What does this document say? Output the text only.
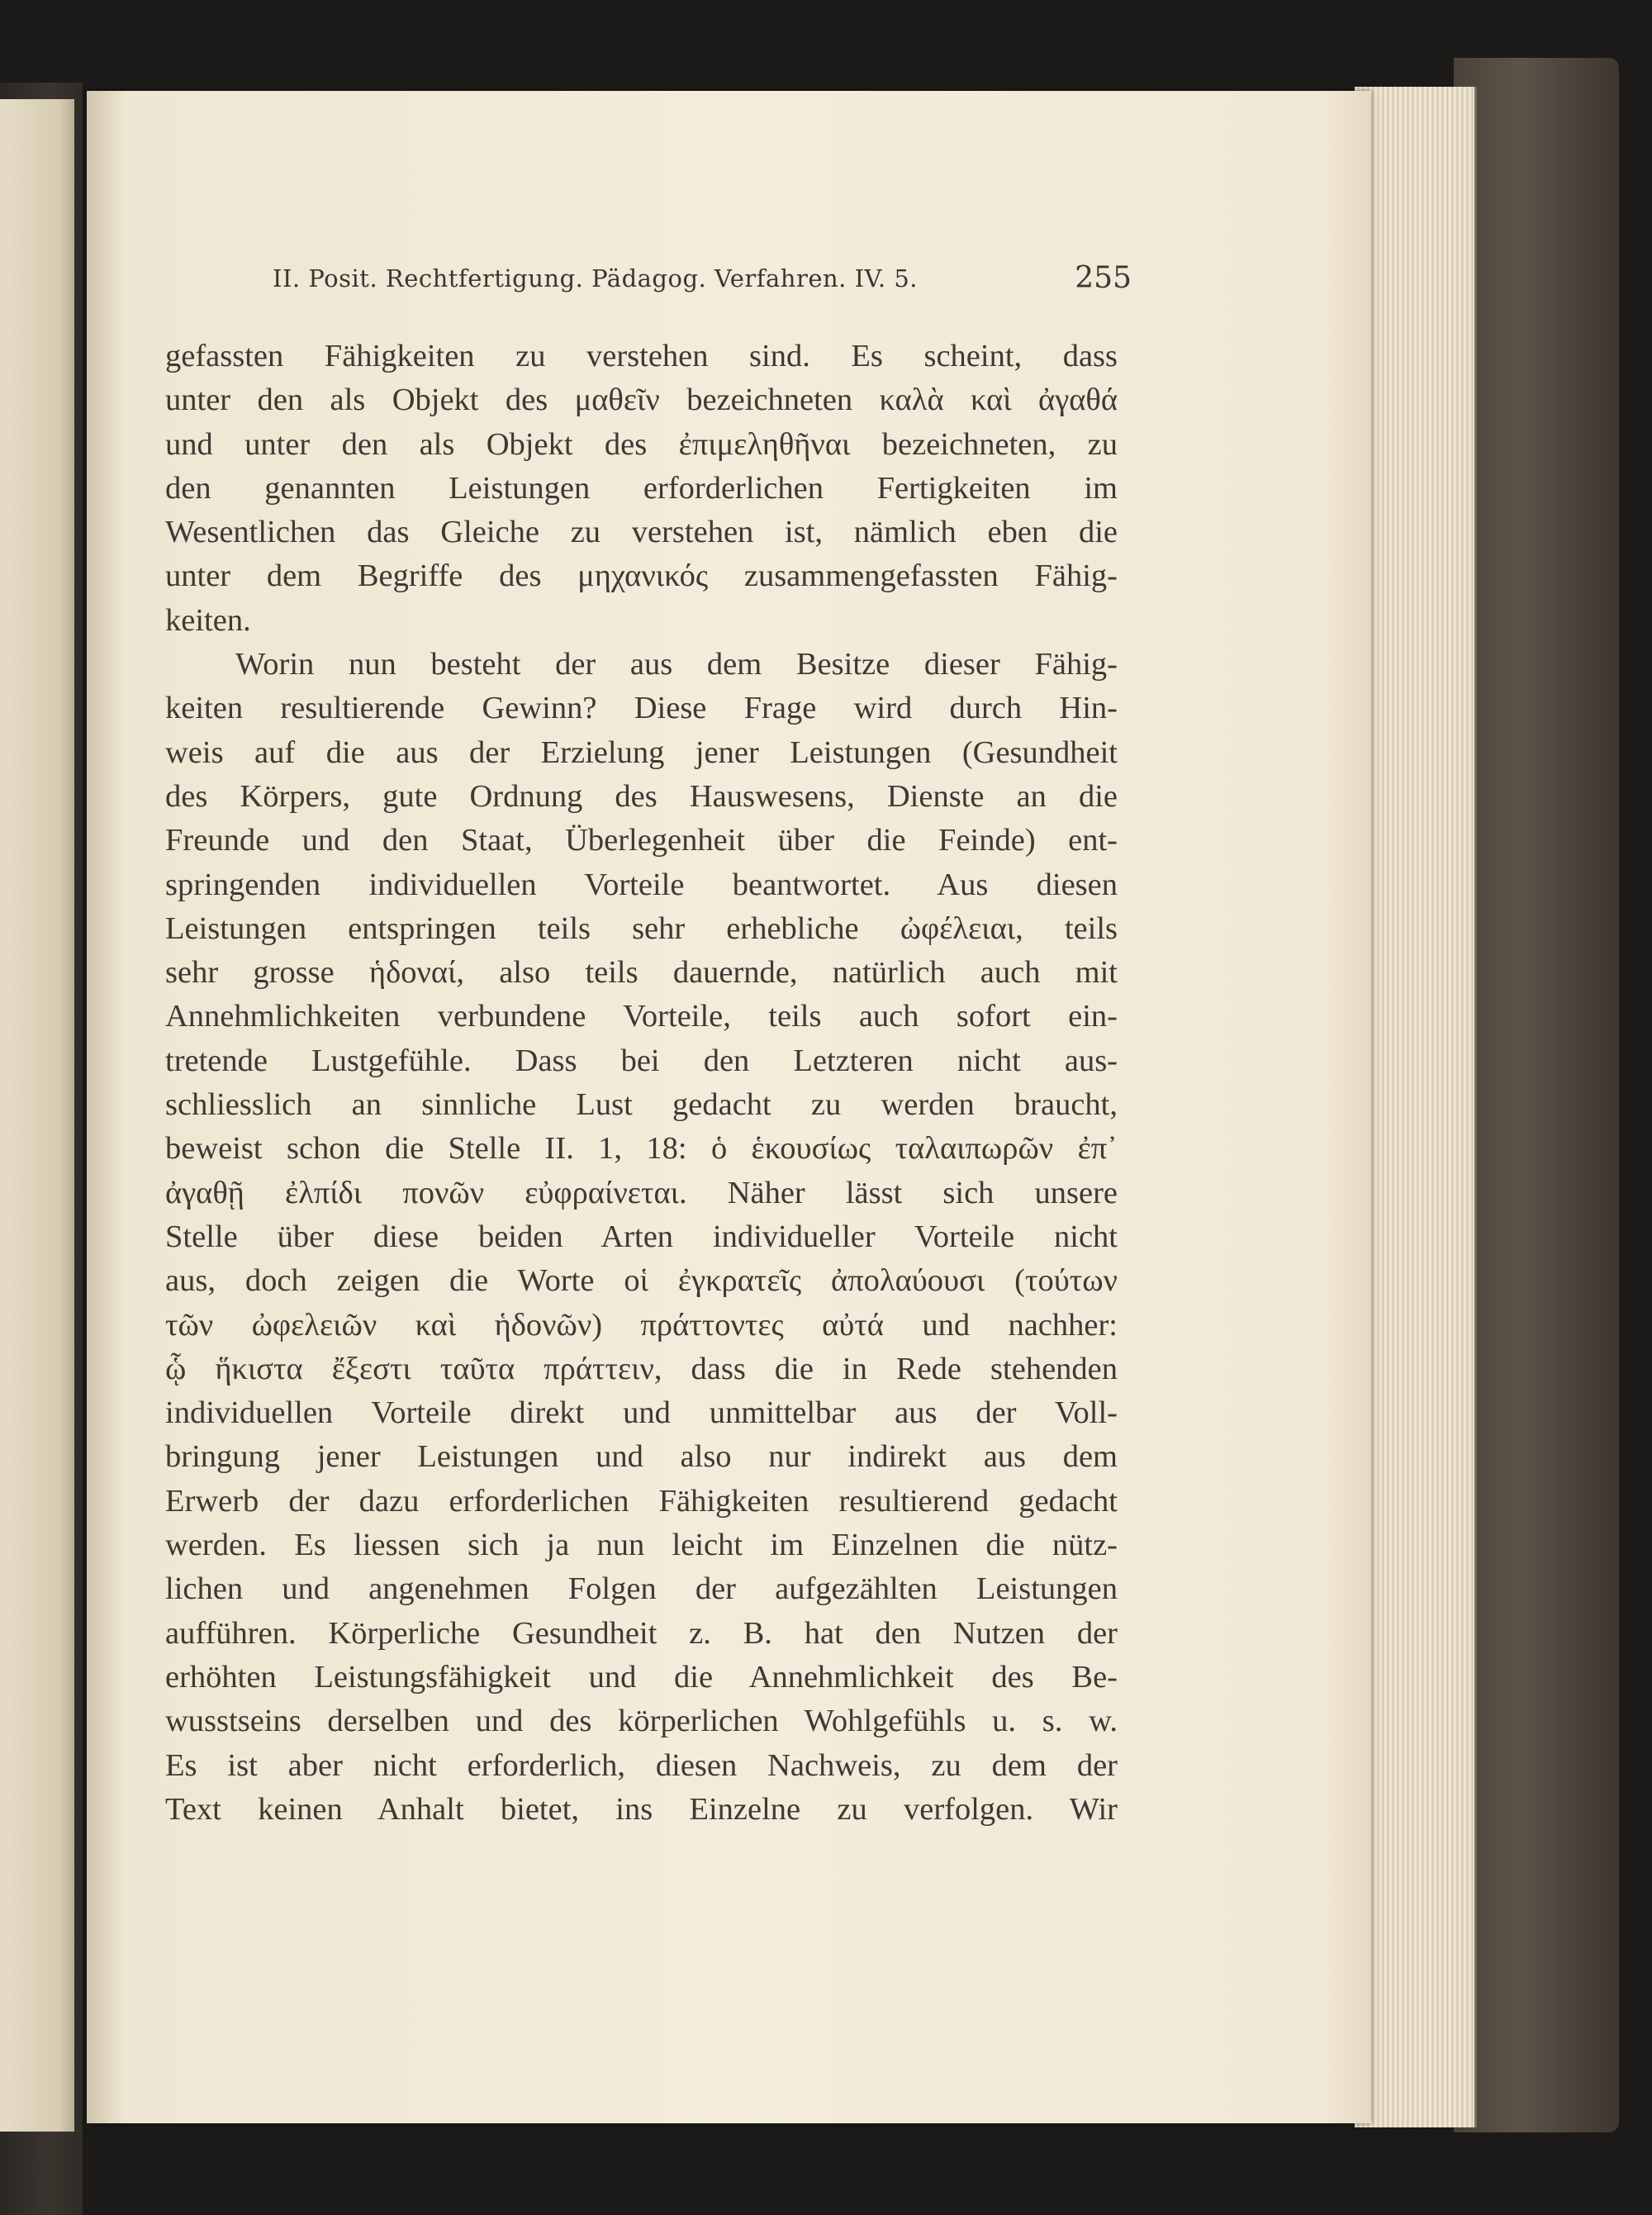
II. Posit. Rechtfertigung. Pädagog. Verfahren. IV. 5.	255
gefassten Fähigkeiten zu verstehen sind. Es scheint, dass
unter den als Objekt des μαθεῖν bezeichneten καλὰ καὶ ἀγαθά
und unter den als Objekt des ἐπιμεληθῆναι bezeichneten, zu
den genannten Leistungen erforderlichen Fertigkeiten im
Wesentlichen das Gleiche zu verstehen ist, nämlich eben die
unter dem Begriffe des μηχανικός zusammengefassten Fähig-
keiten.
Worin nun besteht der aus dem Besitze dieser Fähig-
keiten resultierende Gewinn? Diese Frage wird durch Hin-
weis auf die aus der Erzielung jener Leistungen (Gesundheit
des Körpers, gute Ordnung des Hauswesens, Dienste an die
Freunde und den Staat, Überlegenheit über die Feinde) ent-
springenden individuellen Vorteile beantwortet. Aus diesen
Leistungen entspringen teils sehr erhebliche ὠφέλειαι, teils
sehr grosse ἡδοναί, also teils dauernde, natürlich auch mit
Annehmlichkeiten verbundene Vorteile, teils auch sofort ein-
tretende Lustgefühle. Dass bei den Letzteren nicht aus-
schliesslich an sinnliche Lust gedacht zu werden braucht,
beweist schon die Stelle II. 1, 18: ὁ ἑκουσίως ταλαιπωρῶν ἐπ᾽
ἀγαθῇ ἐλπίδι πονῶν εὐφραίνεται. Näher lässt sich unsere
Stelle über diese beiden Arten individueller Vorteile nicht
aus, doch zeigen die Worte οἱ ἐγκρατεῖς ἀπολαύουσι (τούτων
τῶν ὠφελειῶν καὶ ἡδονῶν) πράττοντες αὐτά und nachher:
ᾧ ἥκιστα ἔξεστι ταῦτα πράττειν, dass die in Rede stehenden
individuellen Vorteile direkt und unmittelbar aus der Voll-
bringung jener Leistungen und also nur indirekt aus dem
Erwerb der dazu erforderlichen Fähigkeiten resultierend gedacht
werden. Es liessen sich ja nun leicht im Einzelnen die nütz-
lichen und angenehmen Folgen der aufgezählten Leistungen
aufführen. Körperliche Gesundheit z. B. hat den Nutzen der
erhöhten Leistungsfähigkeit und die Annehmlichkeit des Be-
wusstseins derselben und des körperlichen Wohlgefühls u. s. w.
Es ist aber nicht erforderlich, diesen Nachweis, zu dem der
Text keinen Anhalt bietet, ins Einzelne zu verfolgen. Wir
